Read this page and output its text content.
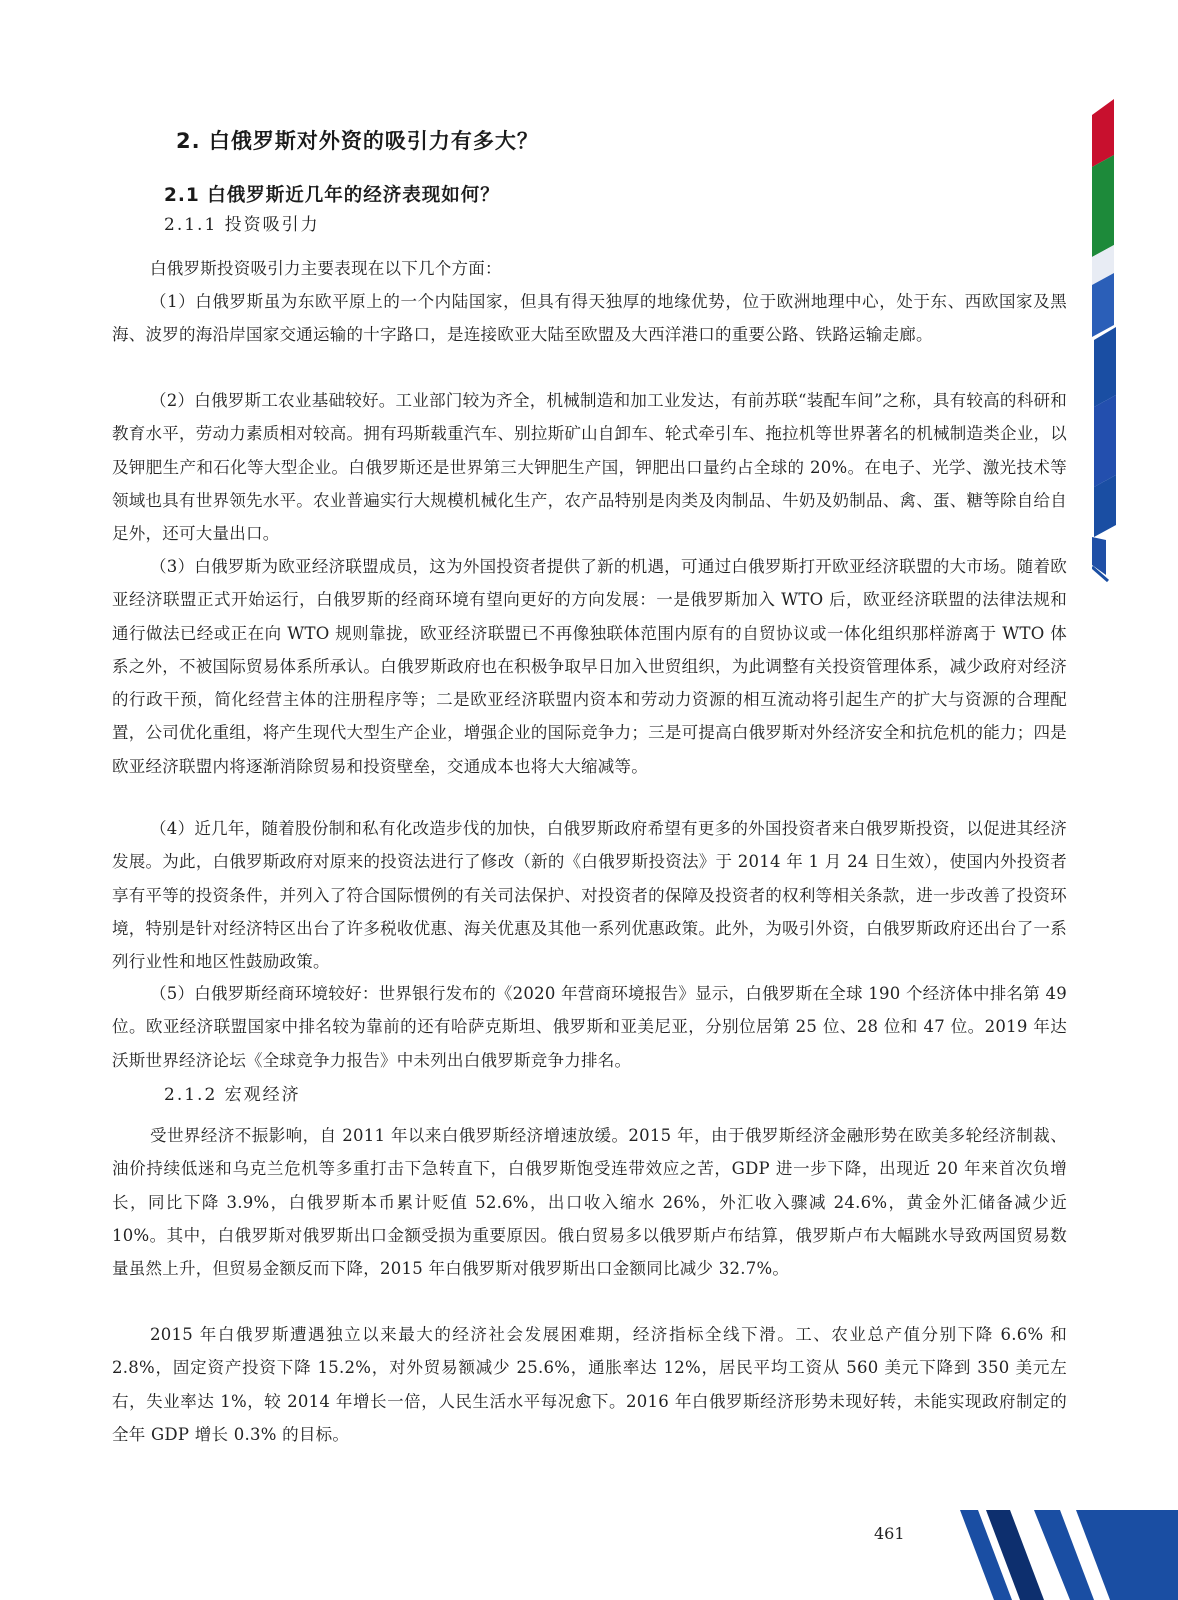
2. 白俄罗斯对外资的吸引力有多大？
2.1 白俄罗斯近几年的经济表现如何？
2.1.1 投资吸引力

白俄罗斯投资吸引力主要表现在以下几个方面：

（1）白俄罗斯虽为东欧平原上的一个内陆国家，但具有得天独厚的地缘优势，位于欧洲地理中心，处于东、西欧国家及黑海、波罗的海沿岸国家交通运输的十字路口，是连接欧亚大陆至欧盟及大西洋港口的重要公路、铁路运输走廊。

（2）白俄罗斯工农业基础较好。工业部门较为齐全，机械制造和加工业发达，有前苏联“装配车间”之称，具有较高的科研和教育水平，劳动力素质相对较高。拥有玛斯载重汽车、别拉斯矿山自卸车、轮式牵引车、拖拉机等世界著名的机械制造类企业，以及钾肥生产和石化等大型企业。白俄罗斯还是世界第三大钾肥生产国，钾肥出口量约占全球的 20%。在电子、光学、激光技术等领域也具有世界领先水平。农业普遍实行大规模机械化生产，农产品特别是肉类及肉制品、牛奶及奶制品、禽、蛋、糖等除自给自足外，还可大量出口。

（3）白俄罗斯为欧亚经济联盟成员，这为外国投资者提供了新的机遇，可通过白俄罗斯打开欧亚经济联盟的大市场。随着欧亚经济联盟正式开始运行，白俄罗斯的经商环境有望向更好的方向发展：一是俄罗斯加入 WTO 后，欧亚经济联盟的法律法规和通行做法已经或正在向 WTO 规则靠拢，欧亚经济联盟已不再像独联体范围内原有的自贸协议或一体化组织那样游离于 WTO 体系之外，不被国际贸易体系所承认。白俄罗斯政府也在积极争取早日加入世贸组织，为此调整有关投资管理体系，减少政府对经济的行政干预，简化经营主体的注册程序等；二是欧亚经济联盟内资本和劳动力资源的相互流动将引起生产的扩大与资源的合理配置，公司优化重组，将产生现代大型生产企业，增强企业的国际竞争力；三是可提高白俄罗斯对外经济安全和抗危机的能力；四是欧亚经济联盟内将逐渐消除贸易和投资壁垒，交通成本也将大大缩减等。

（4）近几年，随着股份制和私有化改造步伐的加快，白俄罗斯政府希望有更多的外国投资者来白俄罗斯投资，以促进其经济发展。为此，白俄罗斯政府对原来的投资法进行了修改（新的《白俄罗斯投资法》于 2014 年 1 月 24 日生效），使国内外投资者享有平等的投资条件，并列入了符合国际惯例的有关司法保护、对投资者的保障及投资者的权利等相关条款，进一步改善了投资环境，特别是针对经济特区出台了许多税收优惠、海关优惠及其他一系列优惠政策。此外，为吸引外资，白俄罗斯政府还出台了一系列行业性和地区性鼓励政策。

（5）白俄罗斯经商环境较好：世界银行发布的《2020 年营商环境报告》显示，白俄罗斯在全球 190 个经济体中排名第 49 位。欧亚经济联盟国家中排名较为靠前的还有哈萨克斯坦、俄罗斯和亚美尼亚，分别位居第 25 位、28 位和 47 位。2019 年达沃斯世界经济论坛《全球竞争力报告》中未列出白俄罗斯竞争力排名。

2.1.2 宏观经济

受世界经济不振影响，自 2011 年以来白俄罗斯经济增速放缓。2015 年，由于俄罗斯经济金融形势在欧美多轮经济制裁、油价持续低迷和乌克兰危机等多重打击下急转直下，白俄罗斯饱受连带效应之苦，GDP 进一步下降，出现近 20 年来首次负增长，同比下降 3.9%，白俄罗斯本币累计贬值 52.6%，出口收入缩水 26%，外汇收入骤减 24.6%，黄金外汇储备减少近 10%。其中，白俄罗斯对俄罗斯出口金额受损为重要原因。俄白贸易多以俄罗斯卢布结算，俄罗斯卢布大幅跳水导致两国贸易数量虽然上升，但贸易金额反而下降，2015 年白俄罗斯对俄罗斯出口金额同比减少 32.7%。

2015 年白俄罗斯遭遇独立以来最大的经济社会发展困难期，经济指标全线下滑。工、农业总产值分别下降 6.6% 和 2.8%，固定资产投资下降 15.2%，对外贸易额减少 25.6%，通胀率达 12%，居民平均工资从 560 美元下降到 350 美元左右，失业率达 1%，较 2014 年增长一倍，人民生活水平每况愈下。2016 年白俄罗斯经济形势未现好转，未能实现政府制定的全年 GDP 增长 0.3% 的目标。

461
